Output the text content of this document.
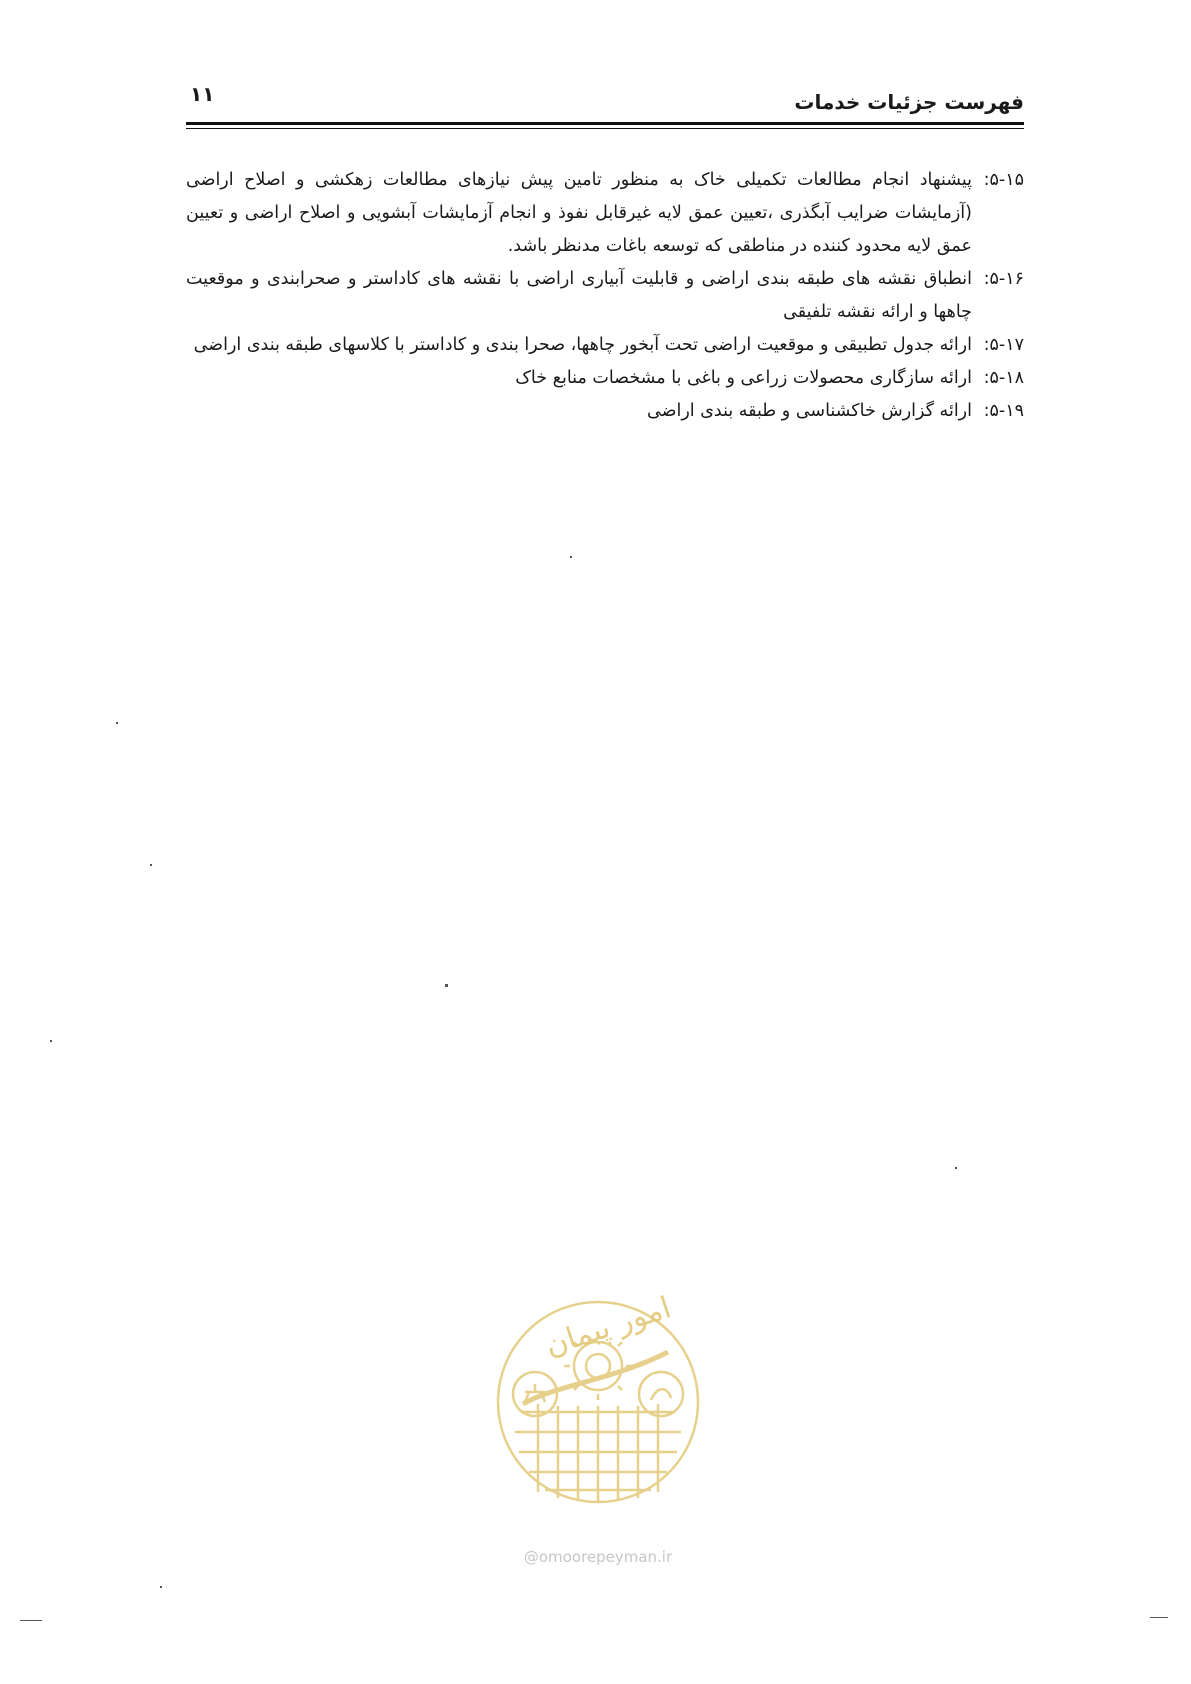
فهرست جزئیات خدمات
۱۱

۵-۱۵:
پیشنهاد انجام مطالعات تکمیلی خاک به منظور تامین پیش نیازهای مطالعات زهکشی و اصلاح اراضی (آزمایشات ضرایب آبگذری ،تعیین عمق لایه غیرقابل نفوذ و انجام آزمایشات آبشویی و اصلاح اراضی و تعیین عمق لایه محدود کننده در مناطقی که توسعه باغات مدنظر باشد.

۵-۱۶:
انطباق نقشه های طبقه بندی اراضی و قابلیت آبیاری اراضی با نقشه های کاداستر و صحرابندی و موقعیت چاهها و ارائه نقشه تلفیقی

۵-۱۷:
ارائه جدول تطبیقی و موقعیت اراضی تحت آبخور چاهها، صحرا بندی و کاداستر با کلاسهای طبقه بندی اراضی

۵-۱۸:
ارائه سازگاری محصولات زراعی و باغی با مشخصات منابع خاک

۵-۱۹:
ارائه گزارش خاکشناسی و طبقه بندی اراضی

امور پیمان
@omoorepeyman.ir
